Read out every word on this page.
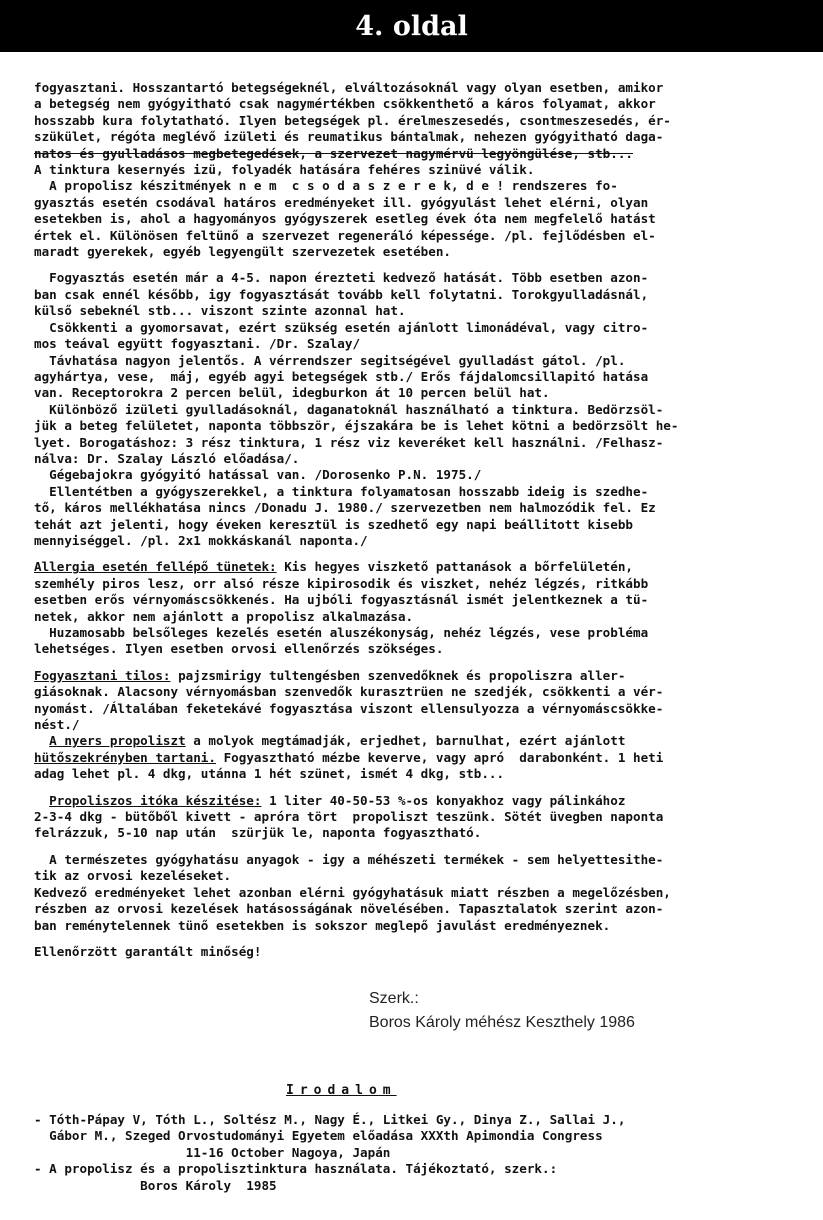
4. oldal
fogyasztani. Hosszantartó betegségeknél, elváltozásoknál vagy olyan esetben, amikor
a betegség nem gyógyitható csak nagymértékben csökkenthető a káros folyamat, akkor
hosszabb kura folytatható. Ilyen betegségek pl. érelmeszesedés, csontmeszesedés, ér-
szükület, régóta meglévő izületi és reumatikus bántalmak, nehezen gyógyitható daga-
natos és gyulladásos megbetegedések, a szervezet nagymérvü legyöngülése, stb...
A tinktura kesernyés izü, folyadék hatására fehéres szinüvé válik.
A propolisz készitmények n e m  c s o d a s z e r e k, d e ! rendszeres fo-
gyasztás esetén csodával határos eredményeket ill. gyógyulást lehet elérni, olyan
esetekben is, ahol a hagyományos gyógyszerek esetleg évek óta nem megfelelő hatást
értek el. Különösen feltünő a szervezet regeneráló képessége. /pl. fejlődésben el-
maradt gyerekek, egyéb legyengült szervezetek esetében.
Fogyasztás esetén már a 4-5. napon érezteti kedvező hatását. Több esetben azon-
ban csak ennél később, igy fogyasztását tovább kell folytatni. Torokgyulladásnál,
külső sebeknél stb... viszont szinte azonnal hat.
Csökkenti a gyomorsavat, ezért szükség esetén ajánlott limonádéval, vagy citro-
mos teával együtt fogyasztani. /Dr. Szalay/
Távhatása nagyon jelentős. A vérrendszer segitségével gyulladást gátol. /pl.
agyhártya, vese,  máj, egyéb agyi betegségek stb./ Erős fájdalomcsillapitó hatása
van. Receptorokra 2 percen belül, idegburkon át 10 percen belül hat.
Különböző izületi gyulladásoknál, daganatoknál használható a tinktura. Bedörzsöl-
jük a beteg felületet, naponta többször, éjszakára be is lehet kötni a bedörzsölt he-
lyet. Borogatáshoz: 3 rész tinktura, 1 rész viz keveréket kell használni. /Felhasz-
nálva: Dr. Szalay László előadása/.
Gégebajokra gyógyitó hatással van. /Dorosenko P.N. 1975./
Ellentétben a gyógyszerekkel, a tinktura folyamatosan hosszabb ideig is szedhe-
tő, káros mellékhatása nincs /Donadu J. 1980./ szervezetben nem halmozódik fel. Ez
tehát azt jelenti, hogy éveken keresztül is szedhető egy napi beállitott kisebb
mennyiséggel. /pl. 2x1 mokkáskanál naponta./
Allergia esetén fellépő tünetek: Kis hegyes viszkető pattanások a bőrfelületén,
szemhély piros lesz, orr alsó része kipirosodik és viszket, nehéz légzés, ritkább
esetben erős vérnyomáscsökkenés. Ha ujbóli fogyasztásnál ismét jelentkeznek a tü-
netek, akkor nem ajánlott a propolisz alkalmazása.
Huzamosabb belsőleges kezelés esetén aluszékonyság, nehéz légzés, vese probléma
lehetséges. Ilyen esetben orvosi ellenőrzés szökséges.
Fogyasztani tilos: pajzsmirigy tultengésben szenvedőknek és propoliszra aller-
giásoknak. Alacsony vérnyomásban szenvedők kurasztrüen ne szedjék, csökkenti a vér-
nyomást. /Általában feketekávé fogyasztása viszont ellensulyozza a vérnyomáscsökke-
nést./
A nyers propoliszt a molyok megtámadják, erjedhet, barnulhat, ezért ajánlott
hütőszekrényben tartani. Fogyasztható mézbe keverve, vagy apró  darabonként. 1 heti
adag lehet pl. 4 dkg, utánna 1 hét szünet, ismét 4 dkg, stb...
Propoliszos itóka készitése: 1 liter 40-50-53 %-os konyakhoz vagy pálinkához
2-3-4 dkg - bütőből kivett - apróra tört  propoliszt teszünk. Sötét üvegben naponta
felrázzuk, 5-10 nap után  szürjük le, naponta fogyasztható.
A természetes gyógyhatásu anyagok - igy a méhészeti termékek - sem helyettesithe-
tik az orvosi kezeléseket.
Kedvező eredményeket lehet azonban elérni gyógyhatásuk miatt részben a megelőzésben,
részben az orvosi kezelések hatásosságának növelésében. Tapasztalatok szerint azon-
ban reménytelennek tünő esetekben is sokszor meglepő javulást eredményeznek.
Ellenőrzött garantált minőség!
Szerk.:
Boros Károly méhész Keszthely 1986
Irodalom
- Tóth-Pápay V, Tóth L., Soltész M., Nagy É., Litkei Gy., Dinya Z., Sallai J.,
Gábor M., Szeged Orvostudományi Egyetem előadása XXXth Apimondia Congress
11-16 October Nagoya, Japán
- A propolisz és a propolisztinktura használata. Tájékoztató, szerk.:
Boros Károly  1985
